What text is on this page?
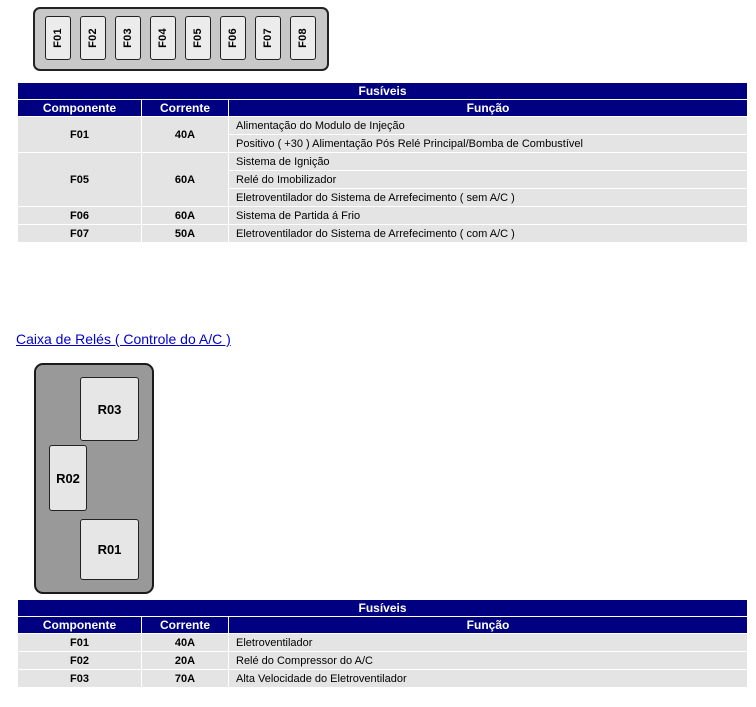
F01 F02 F03 F04 F05 F06 F07 F08
Fusíveis		
Componente	Corrente	Função
F01	40A	Alimentação do Modulo de Injeção
		Positivo ( +30 ) Alimentação Pós Relé Principal/Bomba de Combustível
F05	60A	Sistema de Ignição
		Relé do Imobilizador
		Eletroventilador do Sistema de Arrefecimento ( sem A/C )
F06	60A	Sistema de Partida á Frio
F07	50A	Eletroventilador do Sistema de Arrefecimento ( com A/C )
Caixa de Relés ( Controle do A/C )
R03
R02
R01
Fusíveis		
Componente	Corrente	Função
F01	40A	Eletroventilador
F02	20A	Relé do Compressor do A/C
F03	70A	Alta Velocidade do Eletroventilador
